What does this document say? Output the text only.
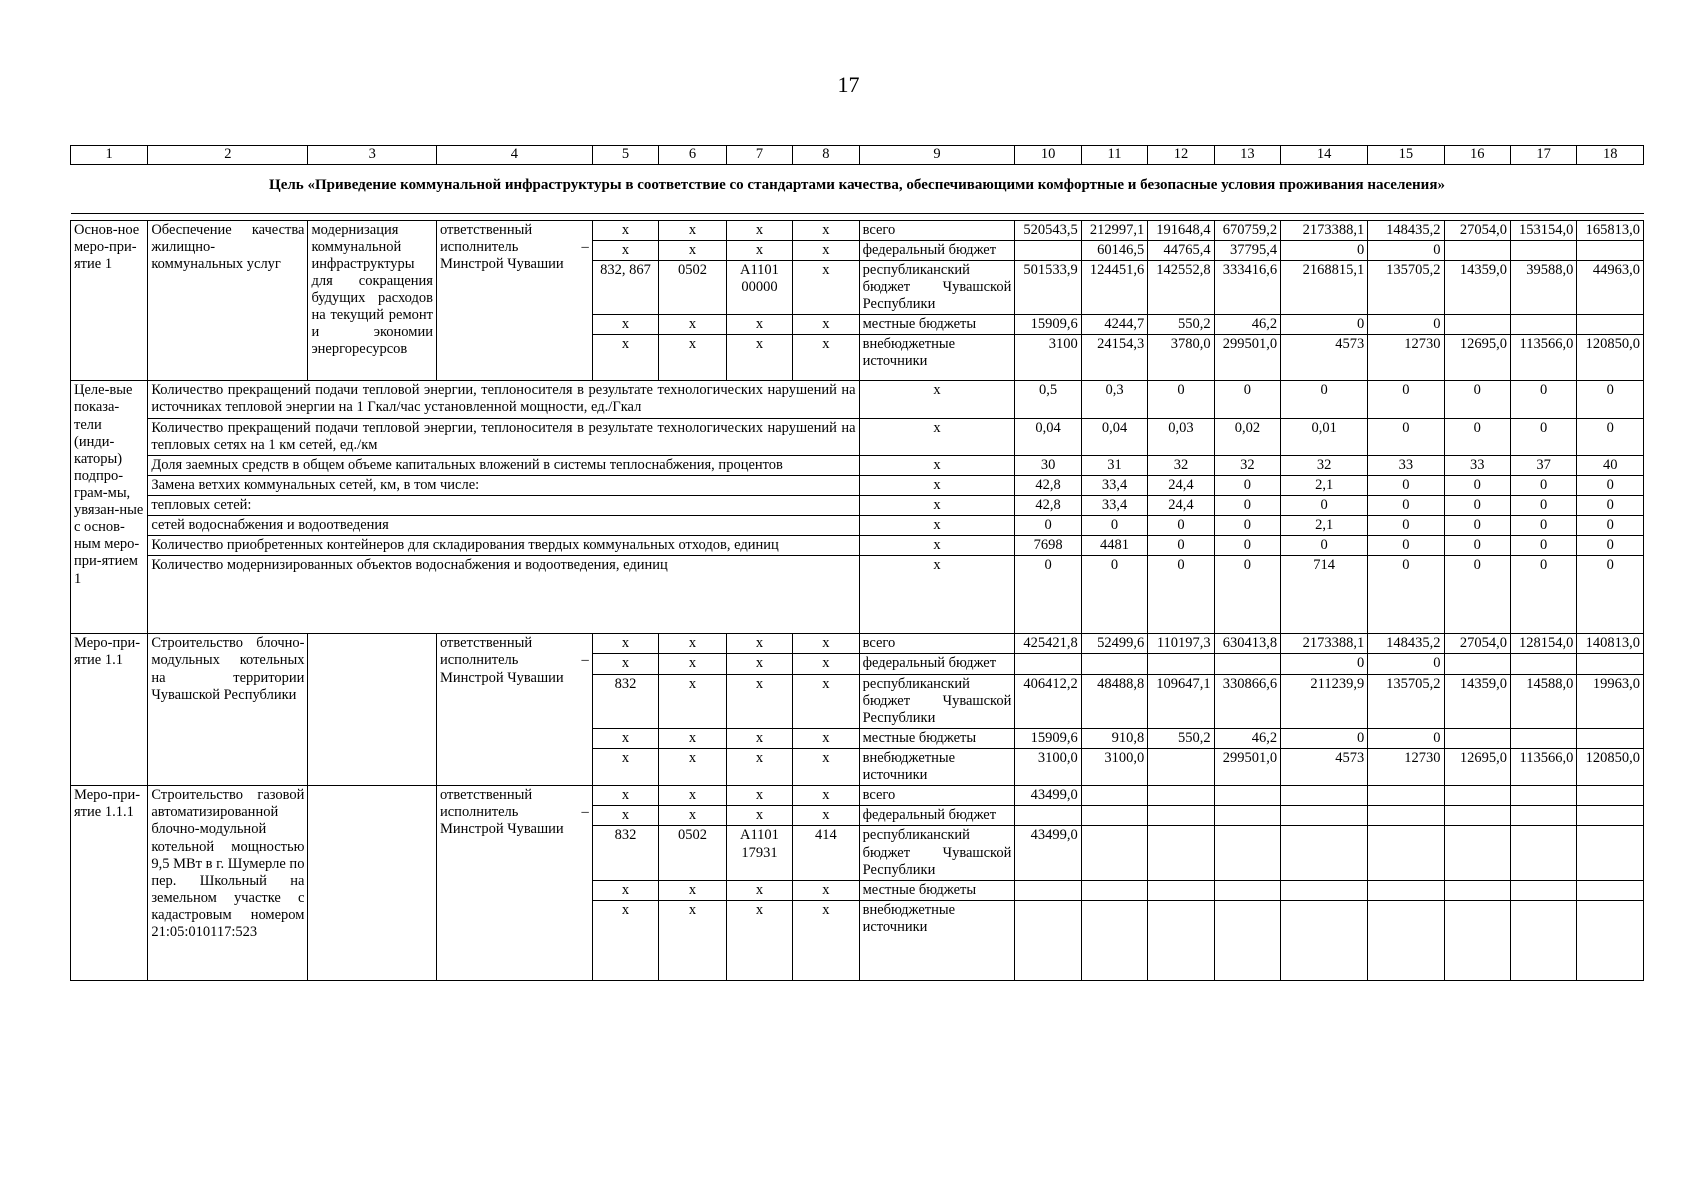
17
1	2	3	4	5	6	7	8	9	10	11	12	13	14	15	16	17	18
Цель «Приведение коммунальной инфраструктуры в соответствие со стандартами качества, обеспечивающими комфортные и безопасные условия проживания населения»																	

Основ-ное меро-при-ятие 1	Обеспечение качества жилищно-коммунальных услуг	модернизация коммунальной инфраструктуры для сокращения будущих расходов на текущий ремонт и экономии энергоресурсов	ответственный исполнитель – Минстрой Чувашии	x	x	x	x	всего	520543,5	212997,1	191648,4	670759,2	2173388,1	148435,2	27054,0	153154,0	165813,0
				x	x	x	x	федеральный бюджет		60146,5	44765,4	37795,4	0	0			
				832, 867	0502	А1101 00000	x	республиканский бюджет Чувашской Республики	501533,9	124451,6	142552,8	333416,6	2168815,1	135705,2	14359,0	39588,0	44963,0
				x	x	x	x	местные бюджеты	15909,6	4244,7	550,2	46,2	0	0			
				x	x	x	x	внебюджетные источники	3100	24154,3	3780,0	299501,0	4573	12730	12695,0	113566,0	120850,0
Целе-вые показа-тели (инди-каторы) подпро-грам-мы, увязан-ные с основ-ным меро-при-ятием 1	Количество прекращений подачи тепловой энергии, теплоносителя в результате технологических нарушений на источниках тепловой энергии на 1 Гкал/час установленной мощности, ед./Гкал							x	0,5	0,3	0	0	0	0	0	0	0
	Количество прекращений подачи тепловой энергии, теплоносителя в результате технологических нарушений на тепловых сетях на 1 км сетей, ед./км							x	0,04	0,04	0,03	0,02	0,01	0	0	0	0
	Доля заемных средств в общем объеме капитальных вложений в системы теплоснабжения, процентов							x	30	31	32	32	32	33	33	37	40
	Замена ветхих коммунальных сетей, км, в том числе:							x	42,8	33,4	24,4	0	2,1	0	0	0	0
	тепловых сетей:							x	42,8	33,4	24,4	0	0	0	0	0	0
	сетей водоснабжения и водоотведения							x	0	0	0	0	2,1	0	0	0	0
	Количество приобретенных контейнеров для складирования твердых коммунальных отходов, единиц							x	7698	4481	0	0	0	0	0	0	0
	Количество модернизированных объектов водоснабжения и водоотведения, единиц							x	0	0	0	0	714	0	0	0	0
Меро-при-ятие 1.1	Строительство блочно-модульных котельных на территории Чувашской Республики		ответственный исполнитель – Минстрой Чувашии	x	x	x	x	всего	425421,8	52499,6	110197,3	630413,8	2173388,1	148435,2	27054,0	128154,0	140813,0
				x	x	x	x	федеральный бюджет					0	0			
				832	x	x	x	республиканский бюджет Чувашской Республики	406412,2	48488,8	109647,1	330866,6	211239,9	135705,2	14359,0	14588,0	19963,0
				x	x	x	x	местные бюджеты	15909,6	910,8	550,2	46,2	0	0			
				x	x	x	x	внебюджетные источники	3100,0	3100,0		299501,0	4573	12730	12695,0	113566,0	120850,0
Меро-при-ятие 1.1.1	Строительство газовой автоматизированной блочно-модульной котельной мощностью 9,5 МВт в г. Шумерле по пер. Школьный на земельном участке с кадастровым номером 21:05:010117:523		ответственный исполнитель – Минстрой Чувашии	x	x	x	x	всего	43499,0								
				x	x	x	x	федеральный бюджет									
				832	0502	А1101 17931	414	республиканский бюджет Чувашской Республики	43499,0								
				x	x	x	x	местные бюджеты									
				x	x	x	x	внебюджетные источники									
